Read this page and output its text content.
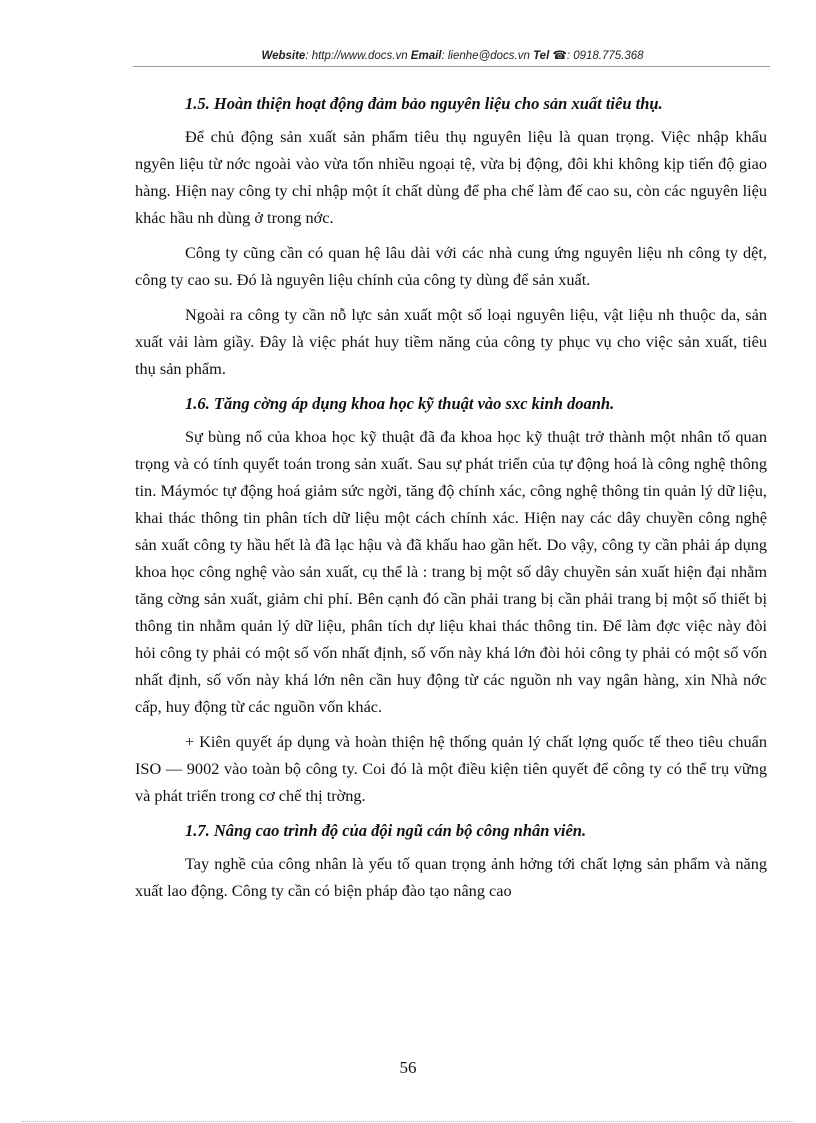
Website: http://www.docs.vn Email: lienhe@docs.vn Tel ☎: 0918.775.368
1.5. Hoàn thiện hoạt động đảm bảo nguyên liệu cho sản xuất tiêu thụ.

Để chủ động sản xuất sản phẩm tiêu thụ nguyên liệu là quan trọng. Việc nhập khẩu ngyên liệu từ nớc ngoài vào vừa tốn nhiều ngoại tệ, vừa bị động, đôi khi không kịp tiến độ giao hàng. Hiện nay công ty chỉ nhập một ít chất dùng để pha chế làm đế cao su, còn các nguyên liệu khác hầu nh dùng ở trong nớc.

Công ty cũng cần có quan hệ lâu dài với các nhà cung ứng nguyên liệu nh công ty dệt, công ty cao su. Đó là nguyên liệu chính của công ty dùng để sản xuất.

Ngoài ra công ty cần nỗ lực sản xuất một số loại nguyên liệu, vật liệu nh thuộc da, sản xuất vải làm giầy. Đây là việc phát huy tiềm năng của công ty phục vụ cho việc sản xuất, tiêu thụ sản phẩm.

1.6. Tăng cờng áp dụng khoa học kỹ thuật vào sxc kinh doanh.

Sự bùng nổ của khoa học kỹ thuật đã đa khoa học kỹ thuật trở thành một nhân tố quan trọng và có tính quyết toán trong sản xuất. Sau sự phát triển của tự động hoá là công nghệ thông tin. Máymóc tự động hoá giảm sức ngời, tăng độ chính xác, công nghệ thông tin quản lý dữ liệu, khai thác thông tin phân tích dữ liệu một cách chính xác. Hiện nay các dây chuyền công nghệ sản xuất công ty hầu hết là đã lạc hậu và đã khấu hao gần hết. Do vậy, công ty cần phải áp dụng khoa học công nghệ vào sản xuất, cụ thể là : trang bị một số dây chuyền sản xuất hiện đại nhằm tăng cờng sản xuất, giảm chi phí. Bên cạnh đó cần phải trang bị cần phải trang bị một số thiết bị thông tin nhằm quản lý dữ liệu, phân tích dự liệu khai thác thông tin. Để làm đợc việc này đòi hỏi công ty phải có một số vốn nhất định, số vốn này khá lớn đòi hỏi công ty phải có một số vốn nhất định, số vốn này khá lớn nên cần huy động từ các nguồn nh vay ngân hàng, xin Nhà nớc cấp, huy động từ các nguồn vốn khác.

+ Kiên quyết áp dụng và hoàn thiện hệ thống quản lý chất lợng quốc tế theo tiêu chuẩn ISO — 9002 vào toàn bộ công ty. Coi đó là một điều kiện tiên quyết để công ty có thể trụ vững và phát triển trong cơ chế thị trờng.

1.7. Nâng cao trình độ của đội ngũ cán bộ công nhân viên.

Tay nghề của công nhân là yếu tố quan trọng ảnh hởng tới chất lợng sản phẩm và năng xuất lao động. Công ty cần có biện pháp đào tạo nâng cao

56
